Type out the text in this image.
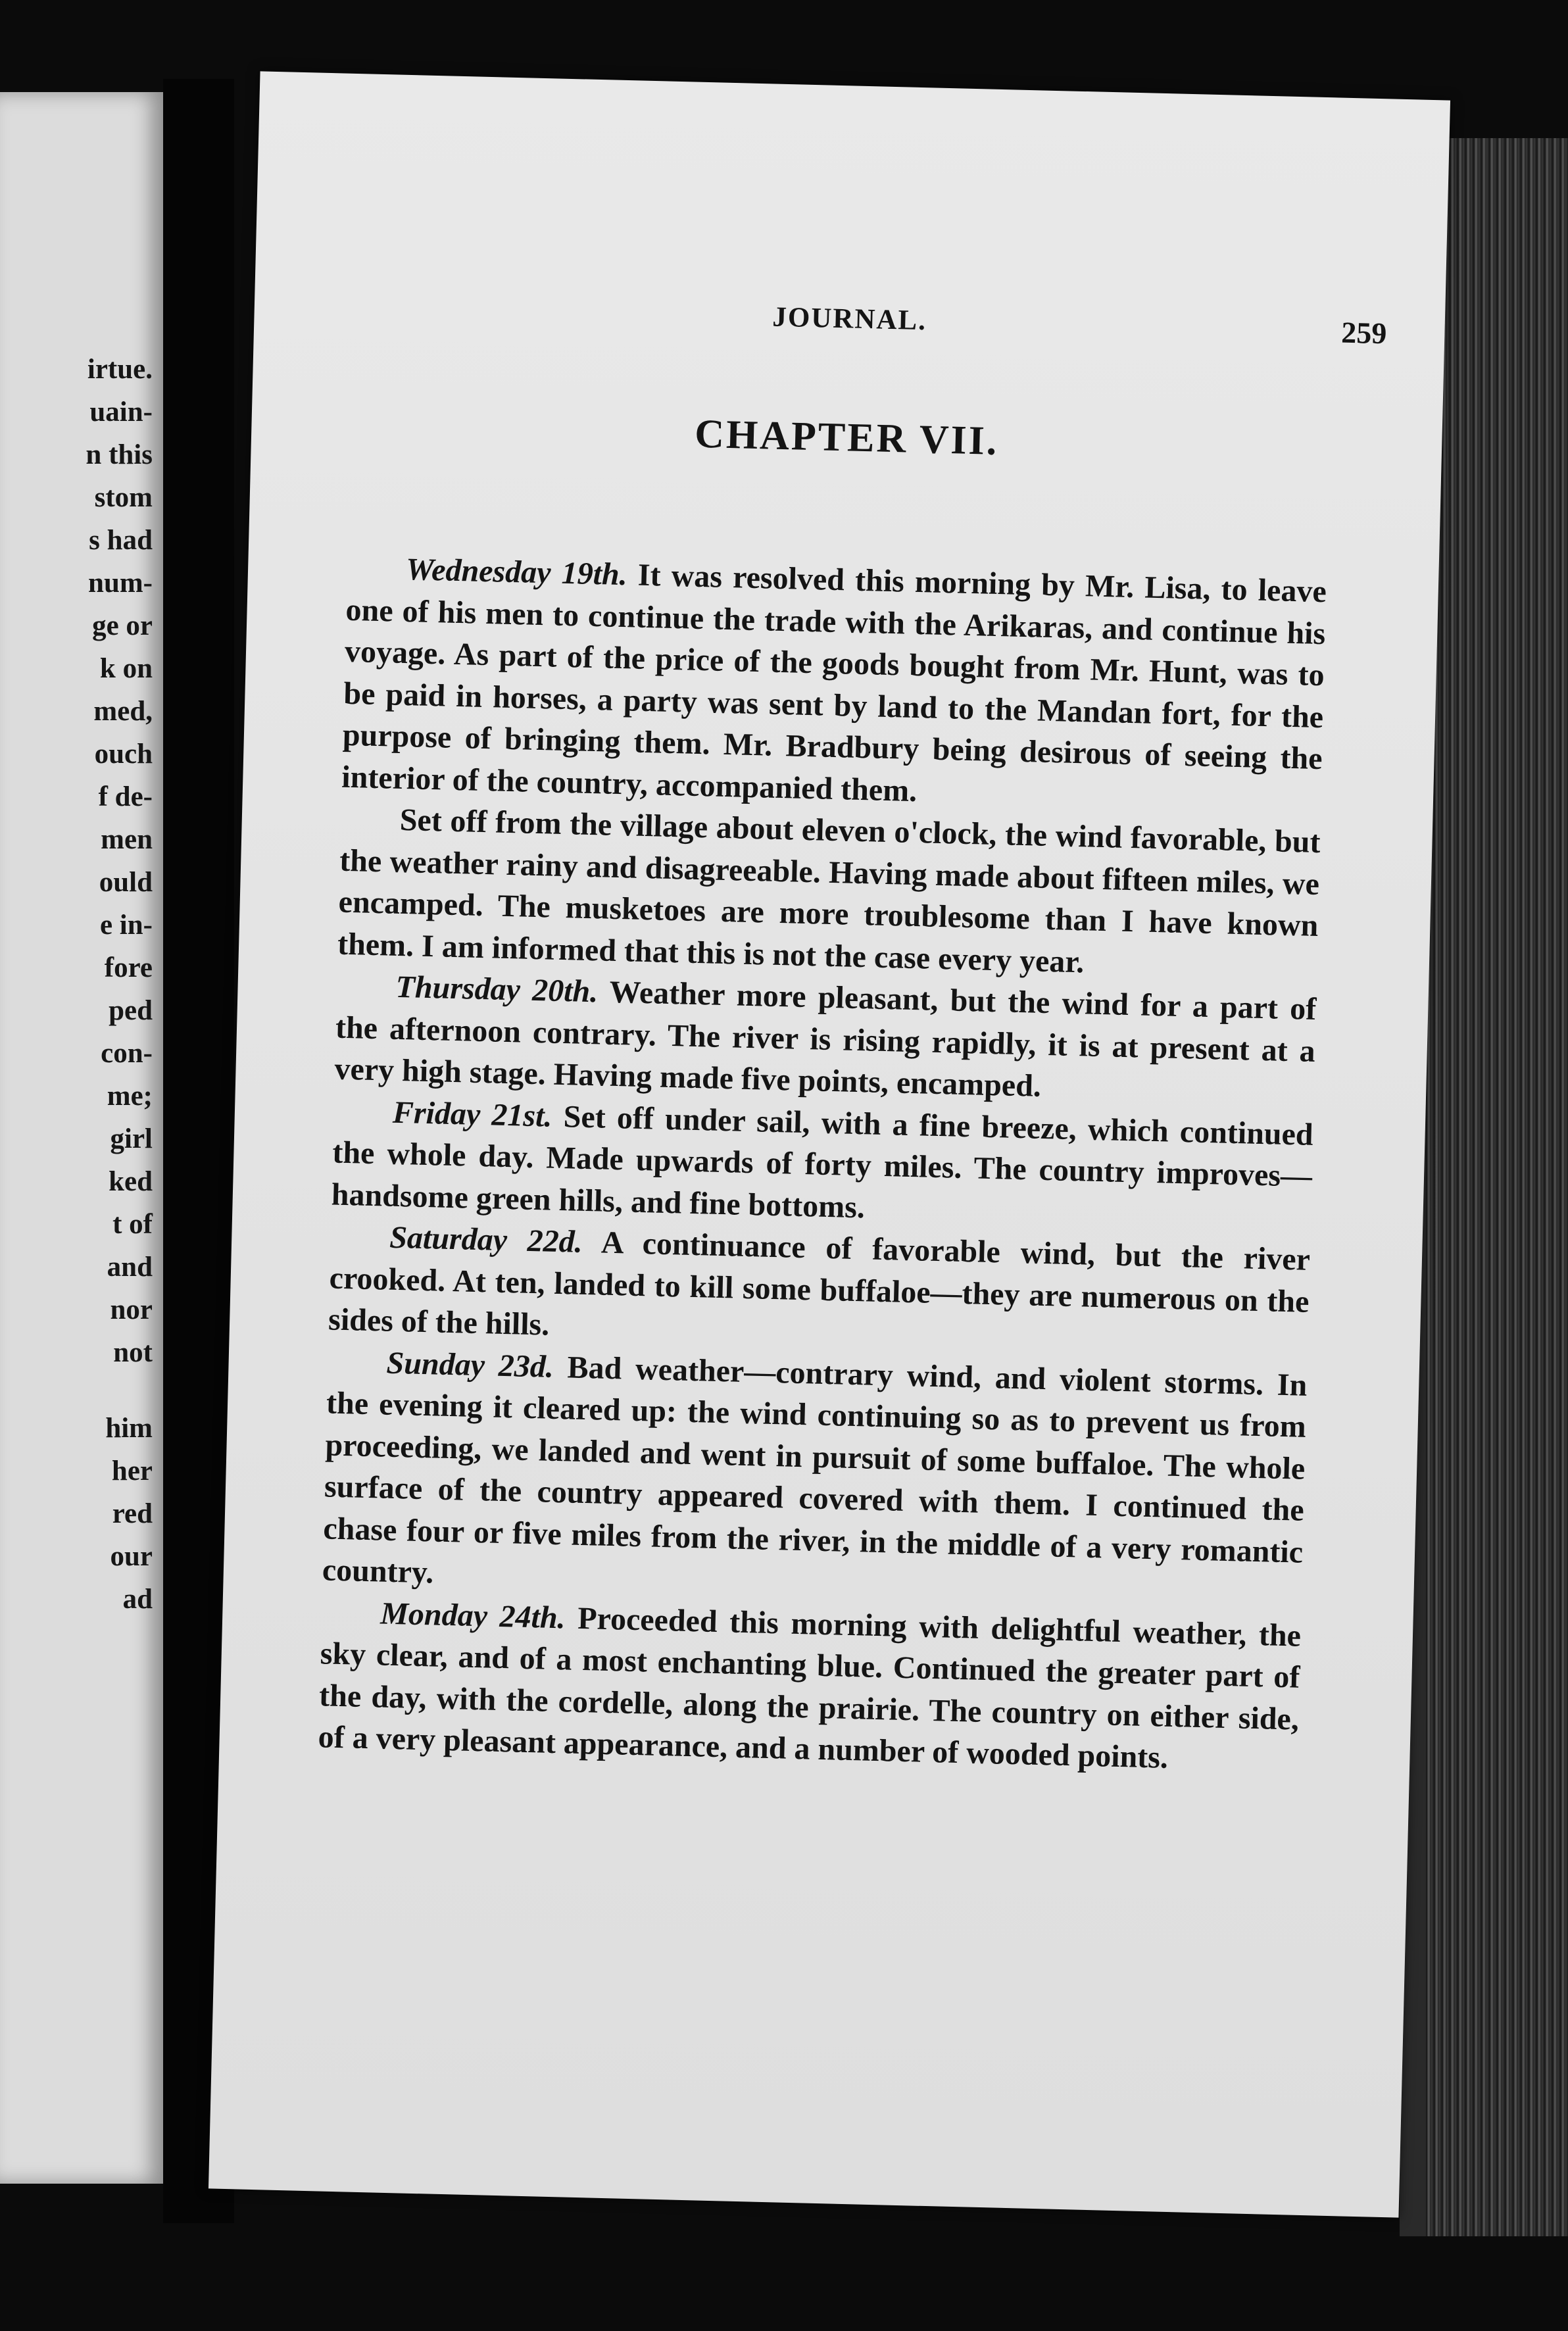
irtue.

uain-

n this

stom

s had

num-

ge or

k on

med,

ouch

f de-

men

ould

e in-

fore

ped

con-

me;

girl

ked

t of

and

nor

not

him

her

red

our

ad

JOURNAL.	259
CHAPTER VII.

Wednesday 19th. It was resolved this morning by Mr. Lisa, to leave one of his men to continue the trade with the Arikaras, and continue his voyage. As part of the price of the goods bought from Mr. Hunt, was to be paid in horses, a party was sent by land to the Mandan fort, for the purpose of bringing them. Mr. Bradbury being desirous of seeing the interior of the country, accompanied them.

Set off from the village about eleven o'clock, the wind favorable, but the weather rainy and disagreeable. Having made about fifteen miles, we encamped. The musketoes are more troublesome than I have known them. I am informed that this is not the case every year.

Thursday 20th. Weather more pleasant, but the wind for a part of the afternoon contrary. The river is rising rapidly, it is at present at a very high stage. Having made five points, encamped.

Friday 21st. Set off under sail, with a fine breeze, which continued the whole day. Made upwards of forty miles. The country improves—handsome green hills, and fine bottoms.

Saturday 22d. A continuance of favorable wind, but the river crooked. At ten, landed to kill some buffaloe—they are numerous on the sides of the hills.

Sunday 23d. Bad weather—contrary wind, and violent storms. In the evening it cleared up: the wind continuing so as to prevent us from proceeding, we landed and went in pursuit of some buffaloe. The whole surface of the country appeared covered with them. I continued the chase four or five miles from the river, in the middle of a very romantic country.

Monday 24th. Proceeded this morning with delightful weather, the sky clear, and of a most enchanting blue. Continued the greater part of the day, with the cordelle, along the prairie. The country on either side, of a very pleasant appearance, and a number of wooded points.
